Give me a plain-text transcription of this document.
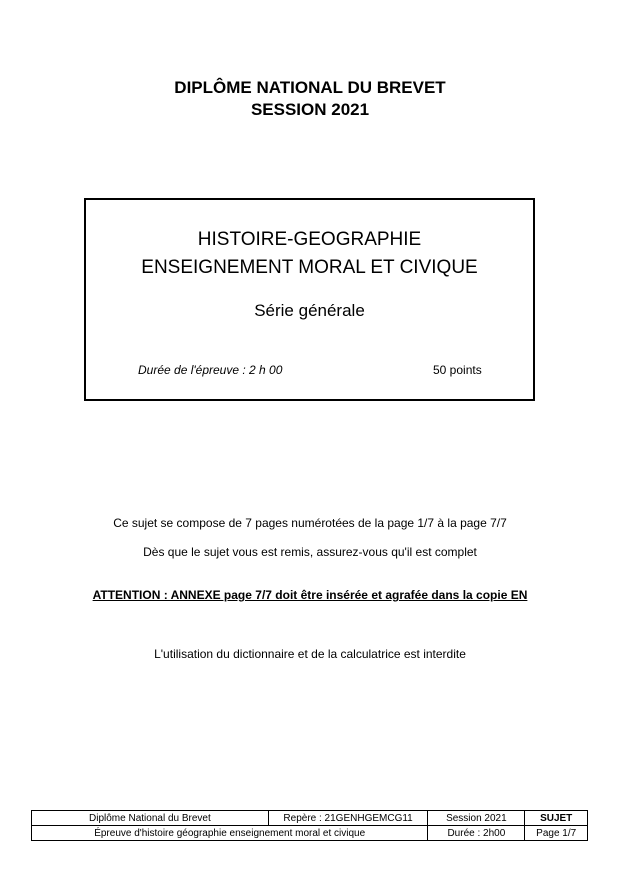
DIPLÔME NATIONAL DU BREVET
SESSION 2021
HISTOIRE-GEOGRAPHIE
ENSEIGNEMENT MORAL ET CIVIQUE
Série générale
Durée de l'épreuve : 2 h 00	50 points
Ce sujet se compose de 7 pages numérotées de la page 1/7 à la page 7/7
Dès que le sujet vous est remis, assurez-vous qu'il est complet
ATTENTION : ANNEXE page 7/7 doit être insérée et agrafée dans la copie EN
L'utilisation du dictionnaire et de la calculatrice est interdite
Diplôme National du Brevet	Repère : 21GENHGEMCG11	Session 2021	SUJET
Épreuve d'histoire géographie enseignement moral et civique		Durée : 2h00	Page 1/7
